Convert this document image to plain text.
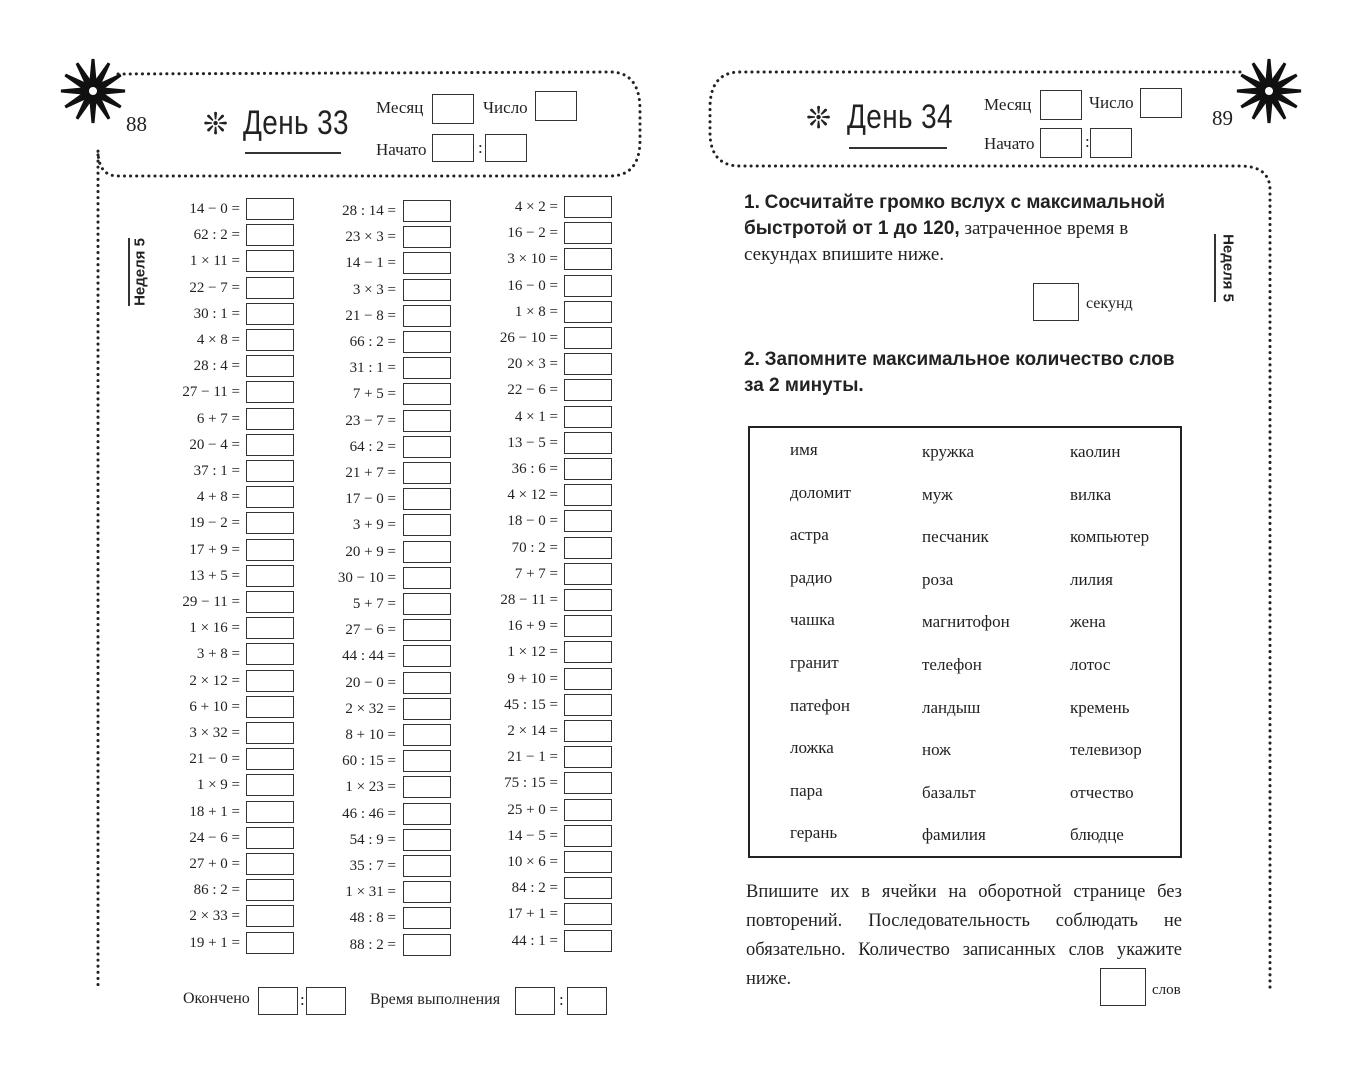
88 ❊ День 33 Месяц	Число
Начато	:
Неделя 5
14 − 0 =
62 : 2 =
1 × 11 =
22 − 7 =
30 : 1 =
4 × 8 =
28 : 4 =
27 − 11 =
6 + 7 =
20 − 4 =
37 : 1 =
4 + 8 =
19 − 2 =
17 + 9 =
13 + 5 =
29 − 11 =
1 × 16 =
3 + 8 =
2 × 12 =
6 + 10 =
3 × 32 =
21 − 0 =
1 × 9 =
18 + 1 =
24 − 6 =
27 + 0 =
86 : 2 =
2 × 33 =
19 + 1 =
28 : 14 =
23 × 3 =
14 − 1 =
3 × 3 =
21 − 8 =
66 : 2 =
31 : 1 =
7 + 5 =
23 − 7 =
64 : 2 =
21 + 7 =
17 − 0 =
3 + 9 =
20 + 9 =
30 − 10 =
5 + 7 =
27 − 6 =
44 : 44 =
20 − 0 =
2 × 32 =
8 + 10 =
60 : 15 =
1 × 23 =
46 : 46 =
54 : 9 =
35 : 7 =
1 × 31 =
48 : 8 =
88 : 2 =
4 × 2 =
16 − 2 =
3 × 10 =
16 − 0 =
1 × 8 =
26 − 10 =
20 × 3 =
22 − 6 =
4 × 1 =
13 − 5 =
36 : 6 =
4 × 12 =
18 − 0 =
70 : 2 =
7 + 7 =
28 − 11 =
16 + 9 =
1 × 12 =
9 + 10 =
45 : 15 =
2 × 14 =
21 − 1 =
75 : 15 =
25 + 0 =
14 − 5 =
10 × 6 =
84 : 2 =
17 + 1 =
44 : 1 =
Окончено	:	Время выполнения	:
❊ День 34 Месяц	Число
Начато	:
89
Неделя 5
1. Сосчитайте громко вслух с максимальной быстротой от 1 до 120, затраченное время в секундах впишите ниже.
секунд
2. Запомните максимальное количество слов за 2 минуты.
имя	кружка	каолин
доломит	муж	вилка
астра	песчаник	компьютер
радио	роза	лилия
чашка	магнитофон	жена
гранит	телефон	лотос
патефон	ландыш	кремень
ложка	нож	телевизор
пара	базальт	отчество
герань	фамилия	блюдце
Впишите их в ячейки на оборотной странице без повторений. Последовательность соблюдать не обязательно. Количество записанных слов укажите ниже.
слов
